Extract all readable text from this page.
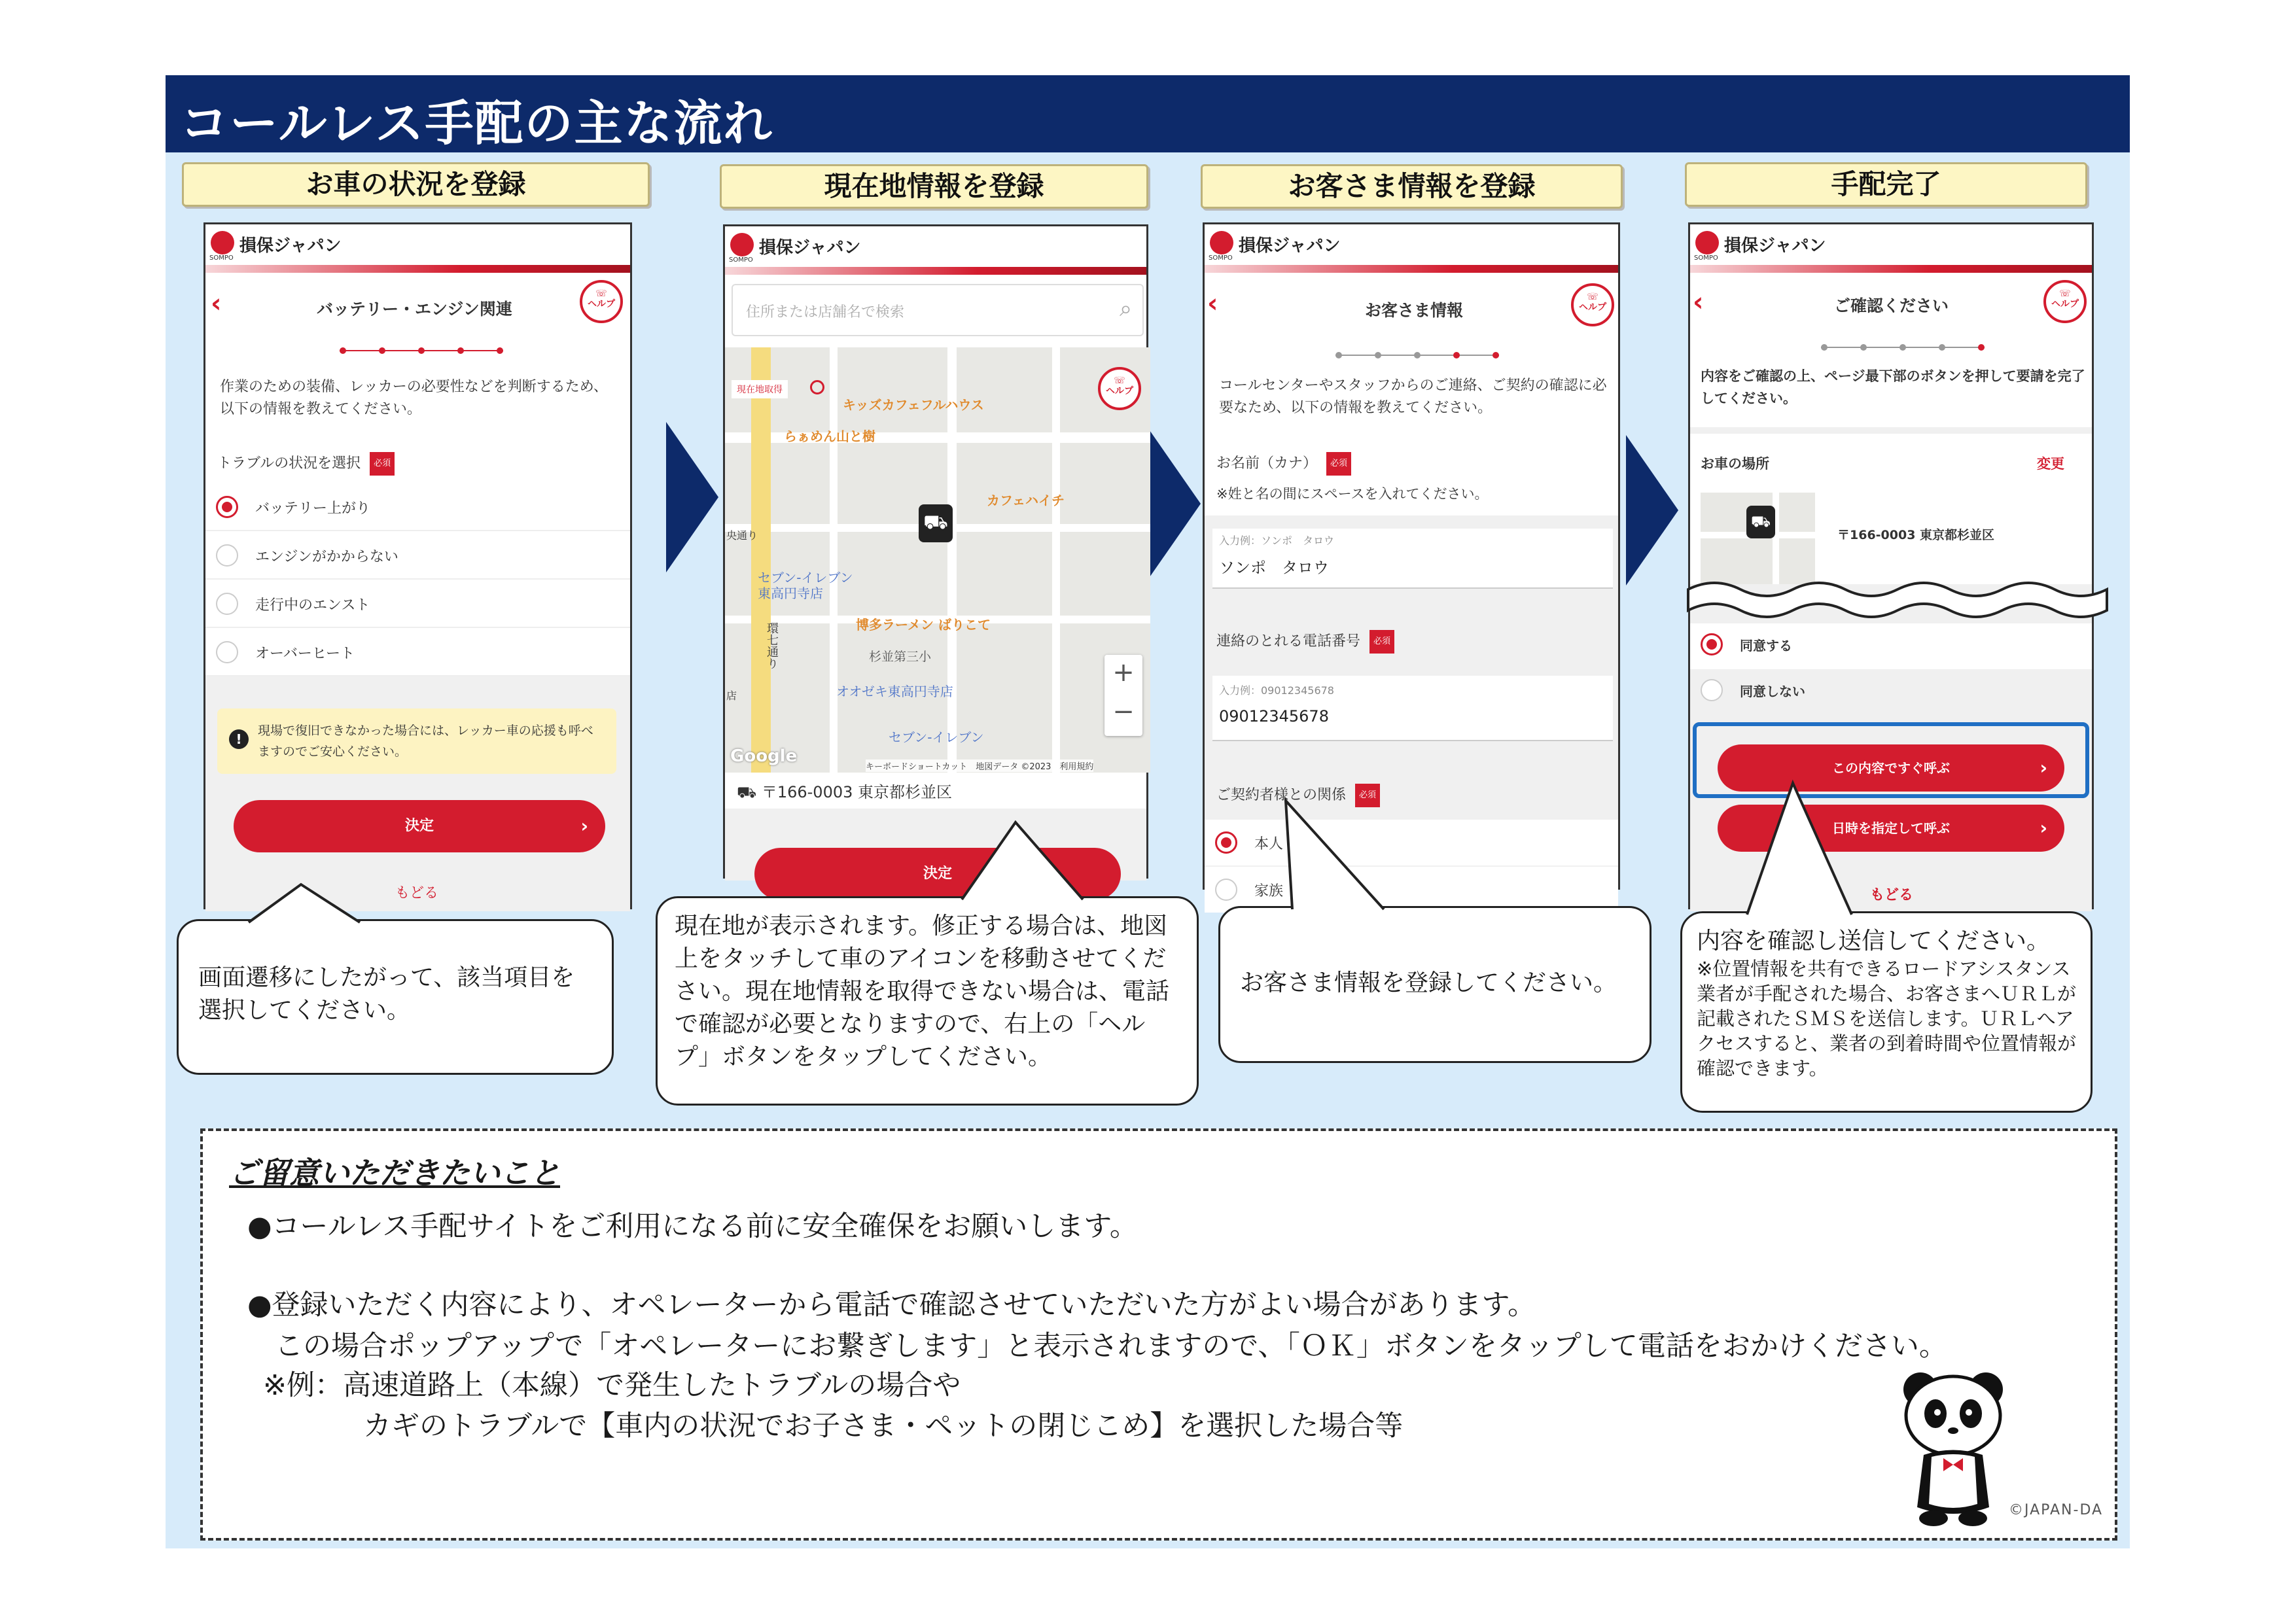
コールレス手配の主な流れ
お車の状況を登録	現在地情報を登録	お客さま情報を登録	手配完了
SOMPO
損保ジャパン
‹	バッテリー・エンジン関連
☏
ヘルプ
作業のための装備、レッカーの必要性などを判断するため、以下の情報を教えてください。
トラブルの状況を選択 必須
バッテリー上がり
エンジンがかからない
走行中のエンスト
オーバーヒート
!
現場で復旧できなかった場合には、レッカー車の応援も呼べますのでご安心ください。
決定	›
もどる
SOMPO
損保ジャパン
住所または店舗名で検索	⌕
現在地取得
キッズカフェフルハウス
らぁめん山と樹
カフェハイチ
セブン-イレブン 東高円寺店
博多ラーメン ばりこて
杉並第三小
オオゼキ東高円寺店
セブン-イレブン
央通り
環七通り
店
⛟
☏
ヘルプ
+
−
Google
キーボードショートカット　地図データ ©2023　利用規約
⛟ 〒166-0003 東京都杉並区
決定
SOMPO
損保ジャパン
‹	お客さま情報
☏
ヘルプ
コールセンターやスタッフからのご連絡、ご契約の確認に必要なため、以下の情報を教えてください。
お名前（カナ） 必須
※姓と名の間にスペースを入れてください。
入力例：ソンポ　タロウ
ソンポ　タロウ
連絡のとれる電話番号 必須
入力例：09012345678
09012345678
ご契約者様との関係 必須
本人
家族
SOMPO
損保ジャパン
‹	ご確認ください
☏
ヘルプ
内容をご確認の上、ページ最下部のボタンを押して要請を完了してください。
お車の場所	変更
⛟
〒166-0003 東京都杉並区
同意する
同意しない
この内容ですぐ呼ぶ	›
日時を指定して呼ぶ	›
もどる
画面遷移にしたがって、該当項目を選択してください。
現在地が表示されます。修正する場合は、地図上をタッチして車のアイコンを移動させてください。現在地情報を取得できない場合は、電話で確認が必要となりますので、右上の「ヘルプ」ボタンをタップしてください。
お客さま情報を登録してください。
内容を確認し送信してください。
※位置情報を共有できるロードアシスタンス業者が手配された場合、お客さまへＵＲＬが記載されたＳＭＳを送信します。ＵＲＬへアクセスすると、業者の到着時間や位置情報が確認できます。
ご留意いただきたいこと
●コールレス手配サイトをご利用になる前に安全確保をお願いします。
●登録いただく内容により、オペレーターから電話で確認させていただいた方がよい場合があります。
この場合ポップアップで「オペレーターにお繋ぎします」と表示されますので、「ＯＫ」ボタンをタップして電話をおかけください。
※例：高速道路上（本線）で発生したトラブルの場合や
カギのトラブルで【車内の状況でお子さま・ペットの閉じこめ】を選択した場合等
©JAPAN-DA
